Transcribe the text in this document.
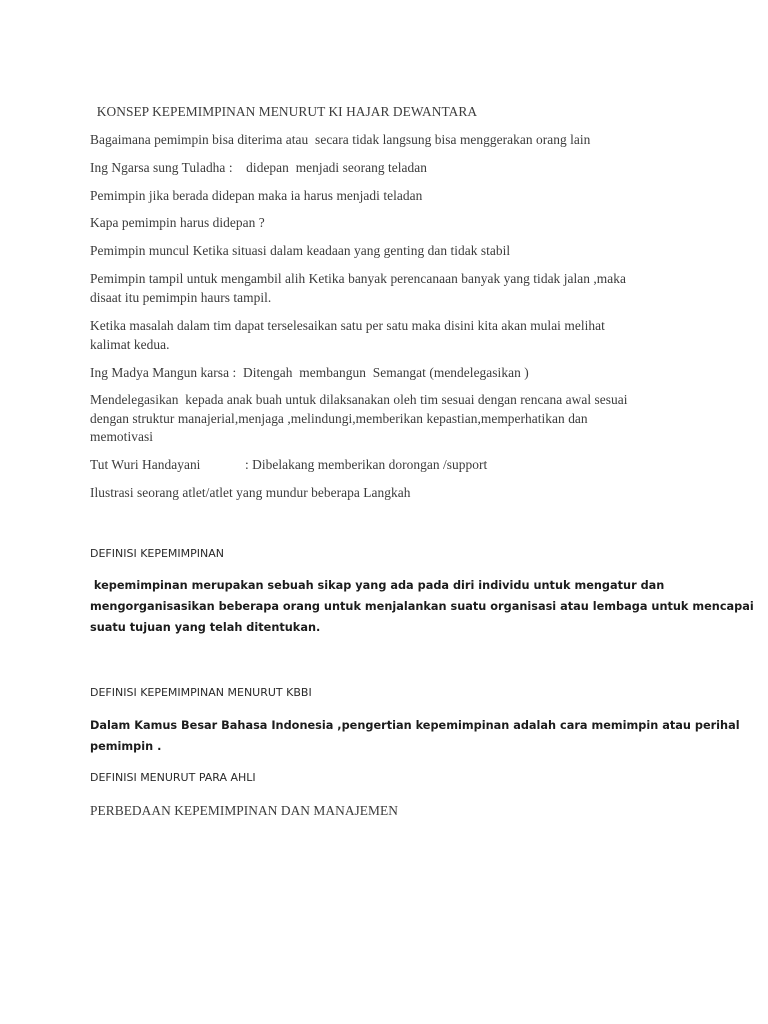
KONSEP KEPEMIMPINAN MENURUT KI HAJAR DEWANTARA

Bagaimana pemimpin bisa diterima atau  secara tidak langsung bisa menggerakan orang lain

Ing Ngarsa sung Tuladha :    didepan  menjadi seorang teladan

Pemimpin jika berada didepan maka ia harus menjadi teladan

Kapa pemimpin harus didepan ?

Pemimpin muncul Ketika situasi dalam keadaan yang genting dan tidak stabil

Pemimpin tampil untuk mengambil alih Ketika banyak perencanaan banyak yang tidak jalan ,maka

disaat itu pemimpin haurs tampil.

Ketika masalah dalam tim dapat terselesaikan satu per satu maka disini kita akan mulai melihat

kalimat kedua.

Ing Madya Mangun karsa :  Ditengah  membangun  Semangat (mendelegasikan )

Mendelegasikan  kepada anak buah untuk dilaksanakan oleh tim sesuai dengan rencana awal sesuai

dengan struktur manajerial,menjaga ,melindungi,memberikan kepastian,memperhatikan dan

memotivasi

Tut Wuri Handayani	: Dibelakang memberikan dorongan /support

Ilustrasi seorang atlet/atlet yang mundur beberapa Langkah

DEFINISI KEPEMIMPINAN

kepemimpinan merupakan sebuah sikap yang ada pada diri individu untuk mengatur dan

mengorganisasikan beberapa orang untuk menjalankan suatu organisasi atau lembaga untuk mencapai

suatu tujuan yang telah ditentukan.

DEFINISI KEPEMIMPINAN MENURUT KBBI

Dalam Kamus Besar Bahasa Indonesia ,pengertian kepemimpinan adalah cara memimpin atau perihal

pemimpin .

DEFINISI MENURUT PARA AHLI

PERBEDAAN KEPEMIMPINAN DAN MANAJEMEN
